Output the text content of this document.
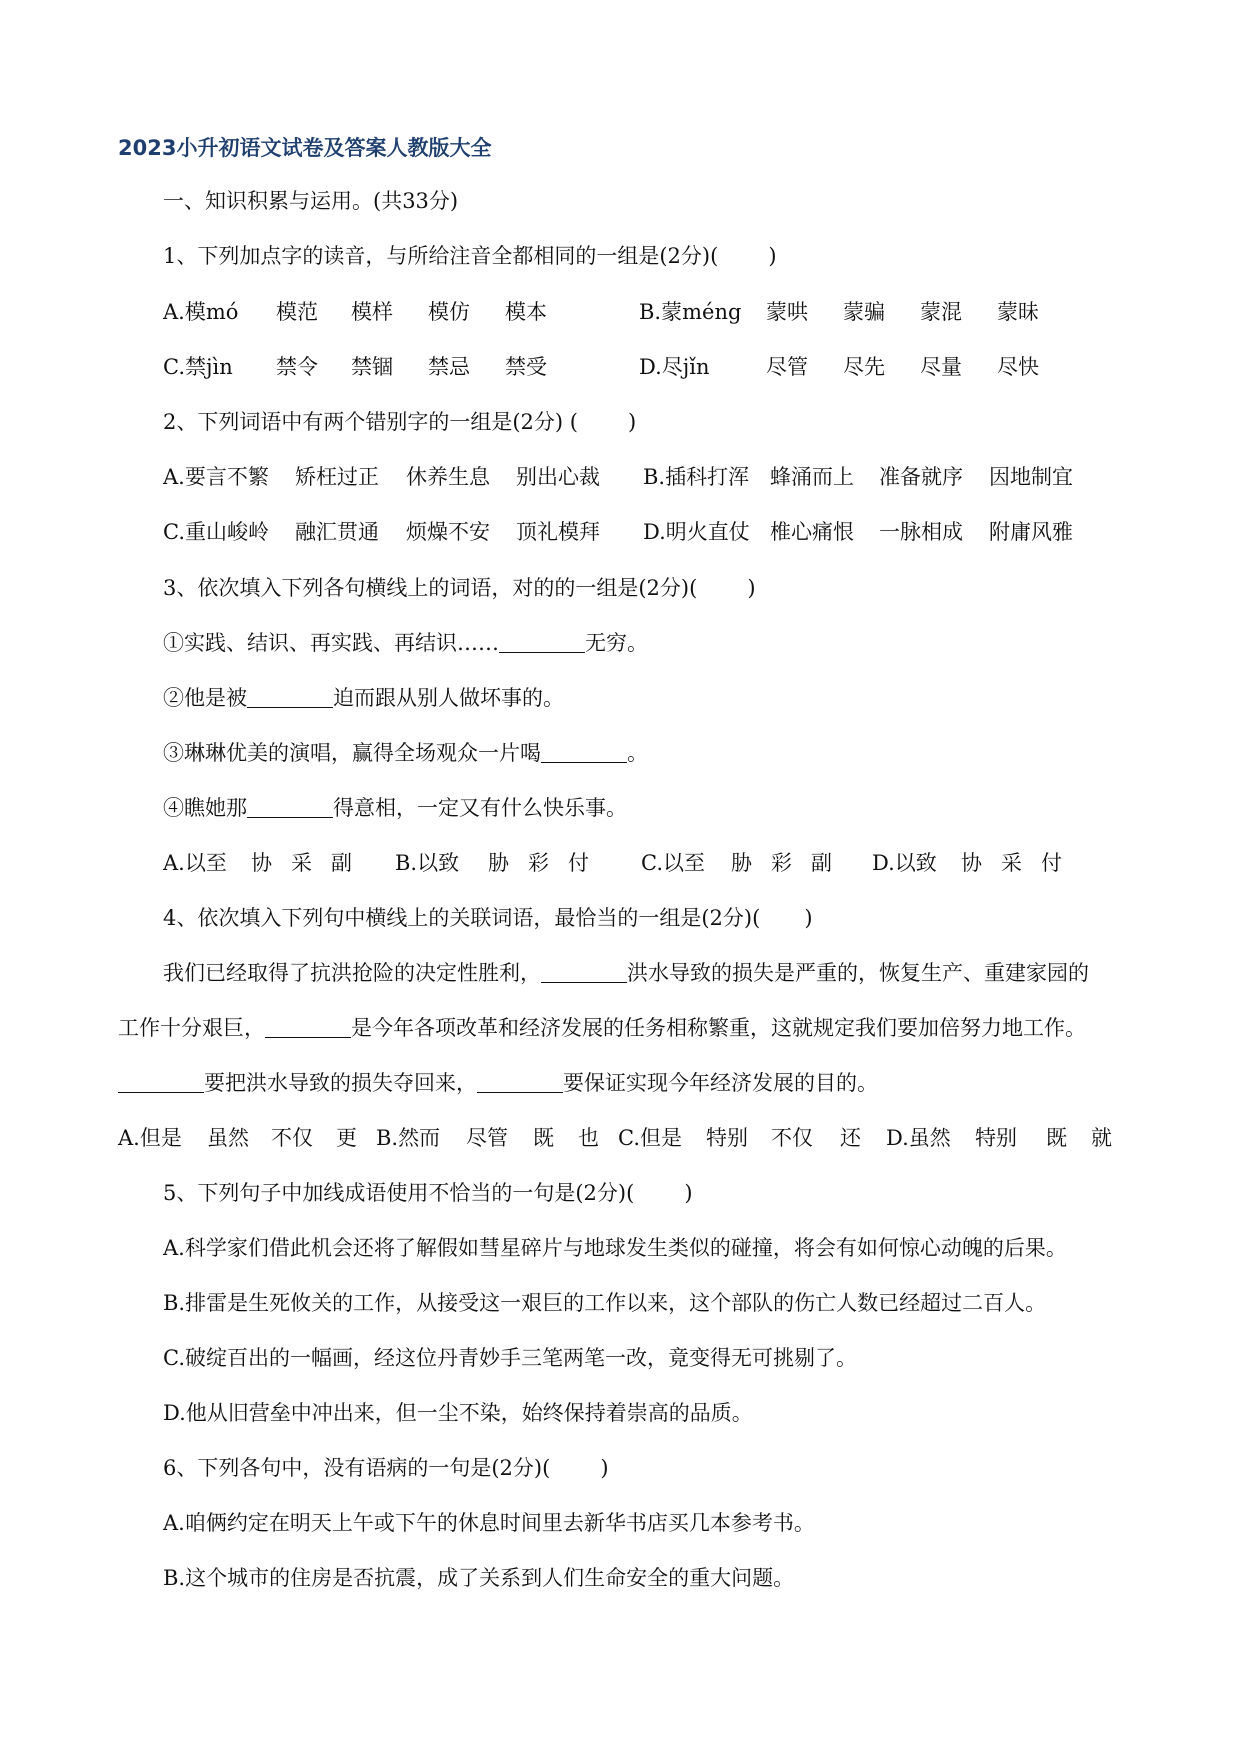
2023小升初语文试卷及答案人教版大全
一、知识积累与运用。(共33分)
1、下列加点字的读音，与所给注音全都相同的一组是(2分)( )
A.模mó 模范 模样 模仿 模本	B.蒙méng 蒙哄 蒙骗 蒙混 蒙昧
C.禁jìn 禁令 禁锢 禁忌 禁受	D.尽jǐn	尽管 尽先 尽量 尽快
2、下列词语中有两个错别字的一组是(2分) ( )
A.要言不繁 矫枉过正 休养生息 别出心裁 B.插科打浑 蜂涌而上 准备就序 因地制宜
C.重山峻岭 融汇贯通 烦燥不安 顶礼模拜 D.明火直仗 椎心痛恨 一脉相成 附庸风雅
3、依次填入下列各句横线上的词语，对的的一组是(2分)( )
①实践、结识、再实践、再结识……	无穷。
②他是被	迫而跟从别人做坏事的。
③琳琳优美的演唱，赢得全场观众一片喝	。
④瞧她那	得意相，一定又有什么快乐事。
A.以至 协 采 副 B.以致 胁 彩 付 C.以至 胁 彩 副 D.以致 协 采 付
4、依次填入下列句中横线上的关联词语，最恰当的一组是(2分)( )
我们已经取得了抗洪抢险的决定性胜利，	洪水导致的损失是严重的，恢复生产、重建家园的
工作十分艰巨，	是今年各项改革和经济发展的任务相称繁重，这就规定我们要加倍努力地工作。
要把洪水导致的损失夺回来，	要保证实现今年经济发展的目的。
A.但是 虽然 不仅 更 B.然而 尽管 既 也 C.但是 特别 不仅 还 D.虽然 特别 既 就
5、下列句子中加线成语使用不恰当的一句是(2分)( )
A.科学家们借此机会还将了解假如彗星碎片与地球发生类似的碰撞，将会有如何惊心动魄的后果。
B.排雷是生死攸关的工作，从接受这一艰巨的工作以来，这个部队的伤亡人数已经超过二百人。
C.破绽百出的一幅画，经这位丹青妙手三笔两笔一改，竟变得无可挑剔了。
D.他从旧营垒中冲出来，但一尘不染，始终保持着崇高的品质。
6、下列各句中，没有语病的一句是(2分)( )
A.咱俩约定在明天上午或下午的休息时间里去新华书店买几本参考书。
B.这个城市的住房是否抗震，成了关系到人们生命安全的重大问题。
